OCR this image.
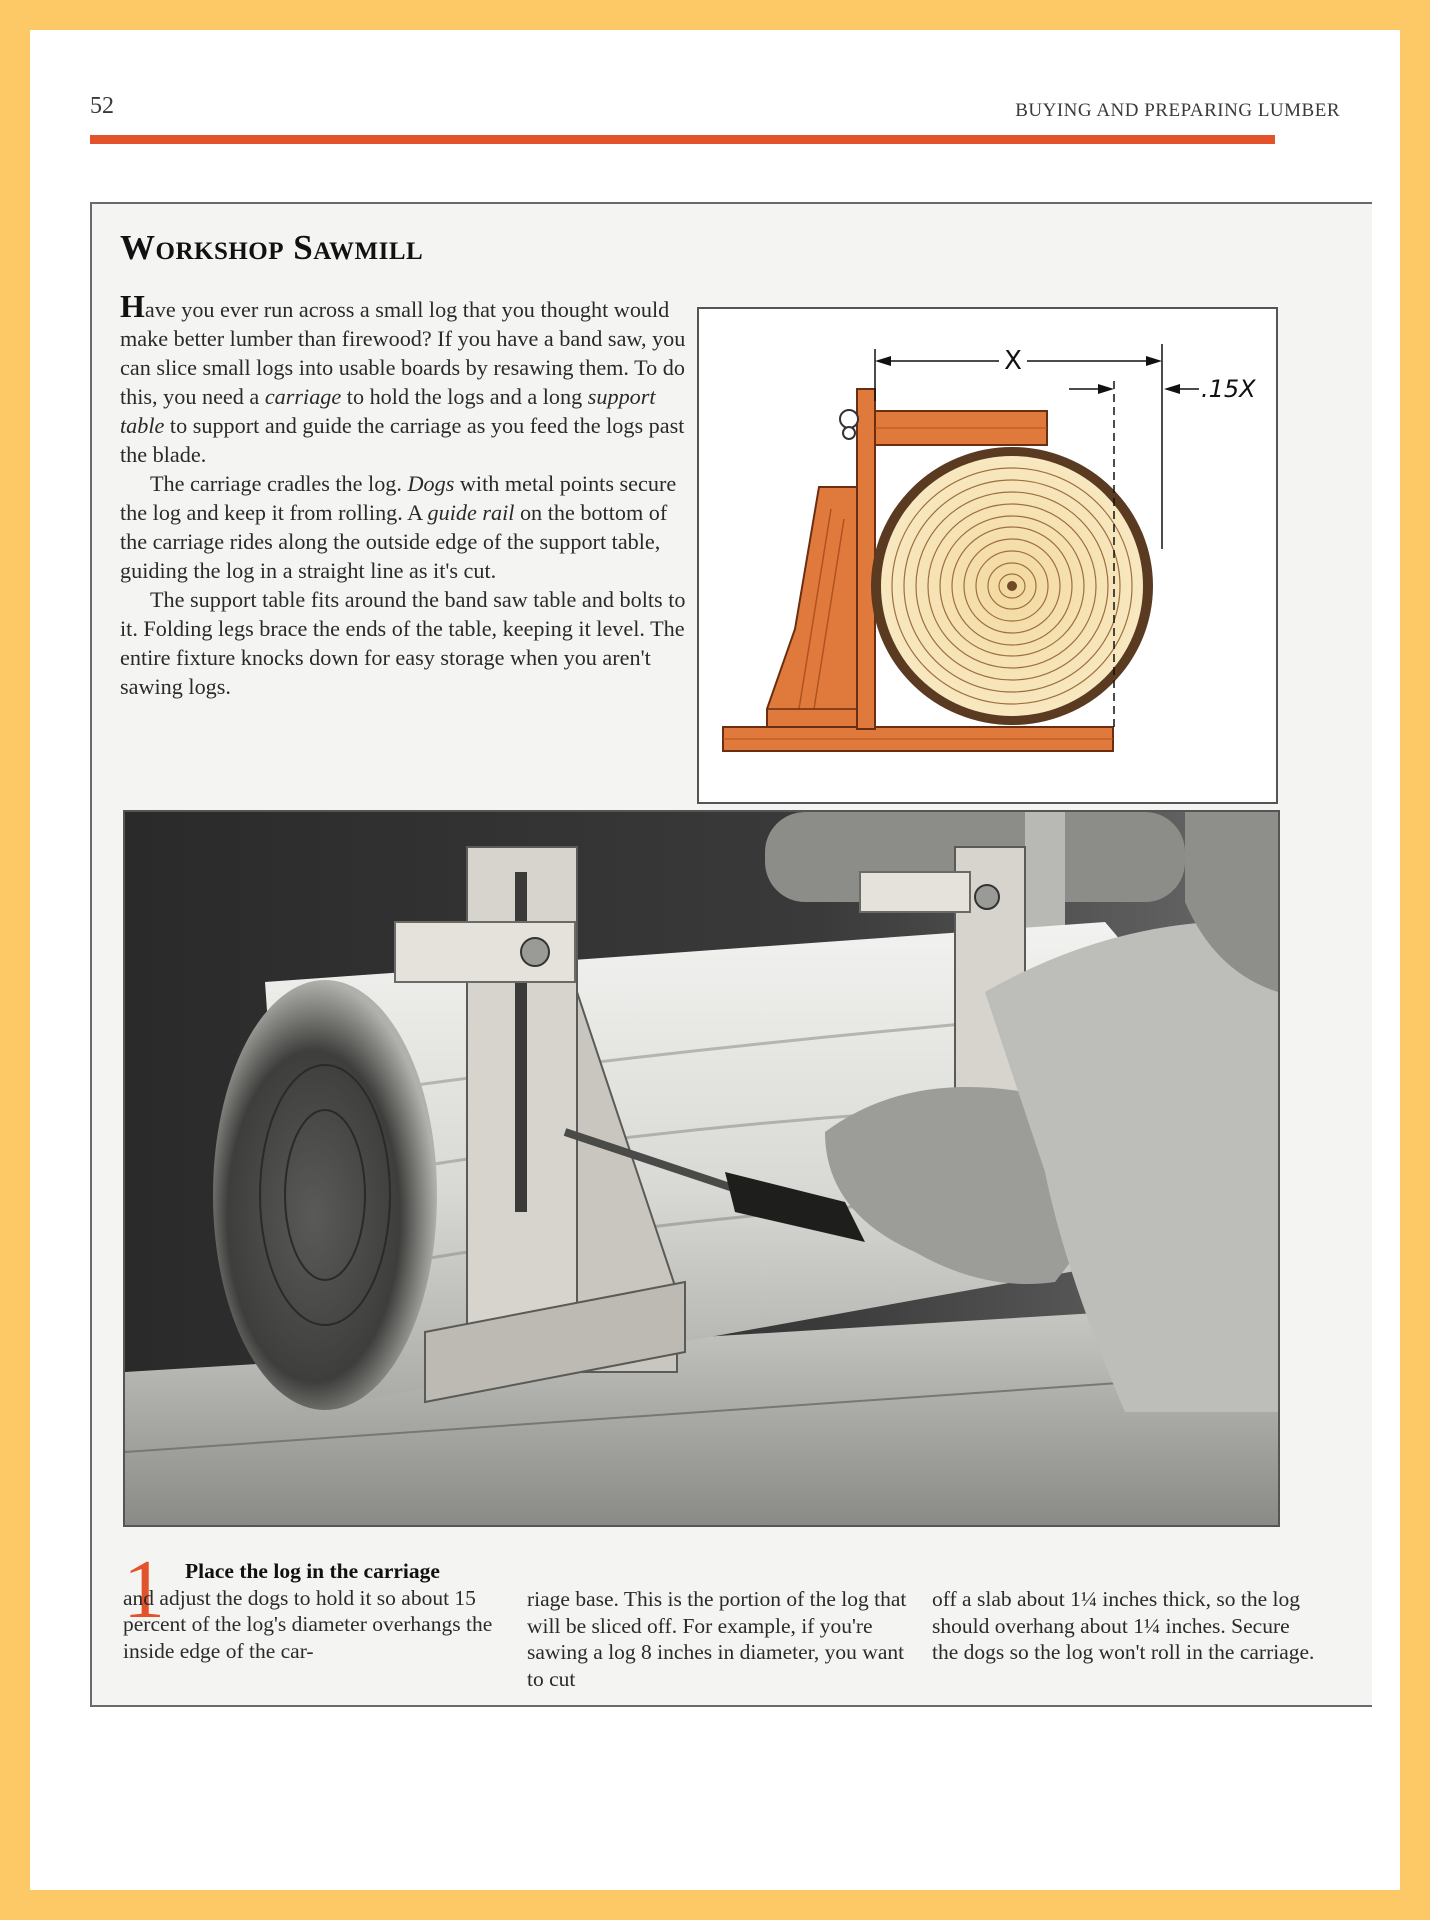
52	BUYING AND PREPARING LUMBER
Workshop Sawmill

Have you ever run across a small log that you thought would make better lumber than firewood? If you have a band saw, you can slice small logs into usable boards by resawing them. To do this, you need a carriage to hold the logs and a long support table to support and guide the carriage as you feed the logs past the blade.

The carriage cradles the log. Dogs with metal points secure the log and keep it from rolling. A guide rail on the bottom of the carriage rides along the outside edge of the support table, guiding the log in a straight line as it's cut.

The support table fits around the band saw table and bolts to it. Folding legs brace the ends of the table, keeping it level. The entire fixture knocks down for easy storage when you aren't sawing logs.

X
.15X
1 Place the log in the carriage
and adjust the dogs to hold it so about 15 percent of the log's diameter overhangs the inside edge of the car-
riage base. This is the portion of the log that will be sliced off. For example, if you're sawing a log 8 inches in diameter, you want to cut
off a slab about 1¼ inches thick, so the log should overhang about 1¼ inches. Secure the dogs so the log won't roll in the carriage.
